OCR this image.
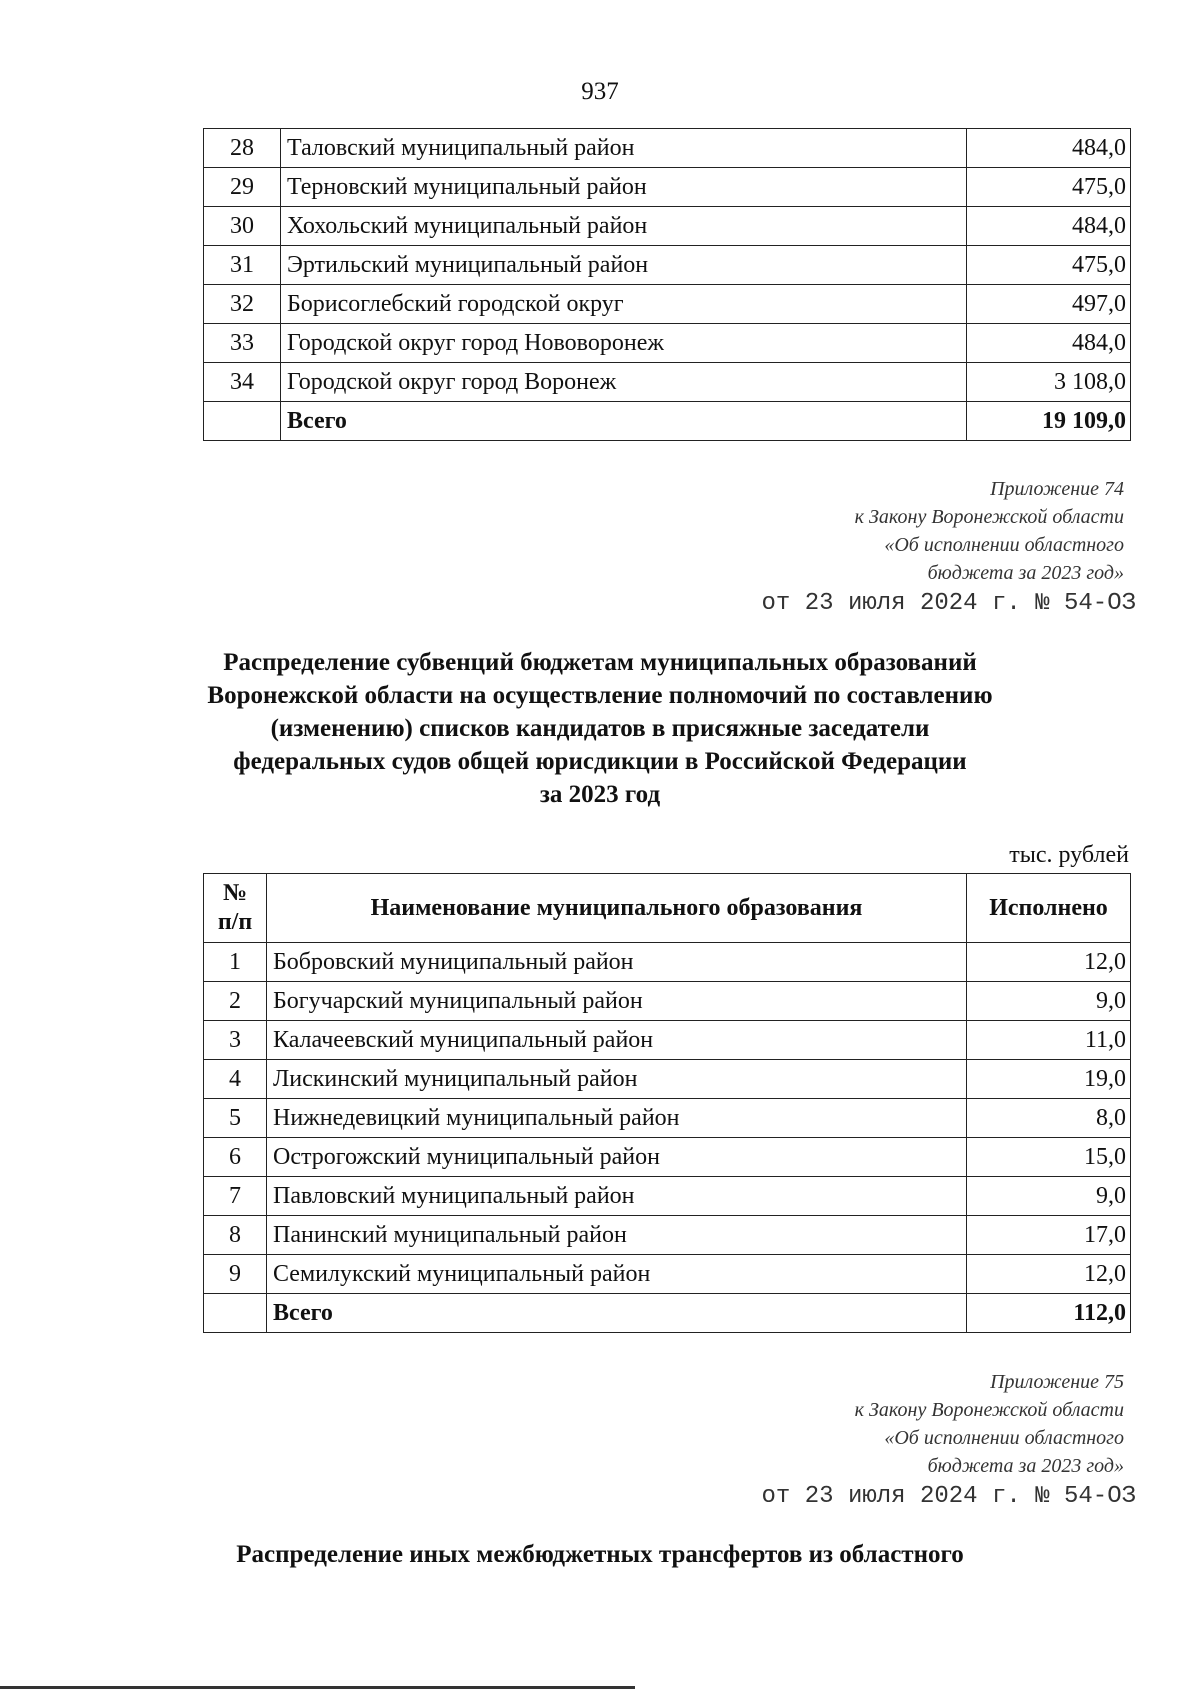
937
28	Таловский муниципальный район	484,0
29	Терновский муниципальный район	475,0
30	Хохольский муниципальный район	484,0
31	Эртильский муниципальный район	475,0
32	Борисоглебский городской округ	497,0
33	Городской округ город Нововоронеж	484,0
34	Городской округ город Воронеж	3 108,0
	Всего	19 109,0
Приложение 74
к Закону Воронежской области
«Об исполнении областного
бюджета за 2023 год»
от 23 июля 2024 г. № 54-ОЗ
Распределение субвенций бюджетам муниципальных образований
Воронежской области на осуществление полномочий по составлению
(изменению) списков кандидатов в присяжные заседатели
федеральных судов общей юрисдикции в Российской Федерации
за 2023 год
тыс. рублей
№
п/п	Наименование муниципального образования	Исполнено
1	Бобровский муниципальный район	12,0
2	Богучарский муниципальный район	9,0
3	Калачеевский муниципальный район	11,0
4	Лискинский муниципальный район	19,0
5	Нижнедевицкий муниципальный район	8,0
6	Острогожский муниципальный район	15,0
7	Павловский муниципальный район	9,0
8	Панинский муниципальный район	17,0
9	Семилукский муниципальный район	12,0
	Всего	112,0
Приложение 75
к Закону Воронежской области
«Об исполнении областного
бюджета за 2023 год»
от 23 июля 2024 г. № 54-ОЗ
Распределение иных межбюджетных трансфертов из областного
